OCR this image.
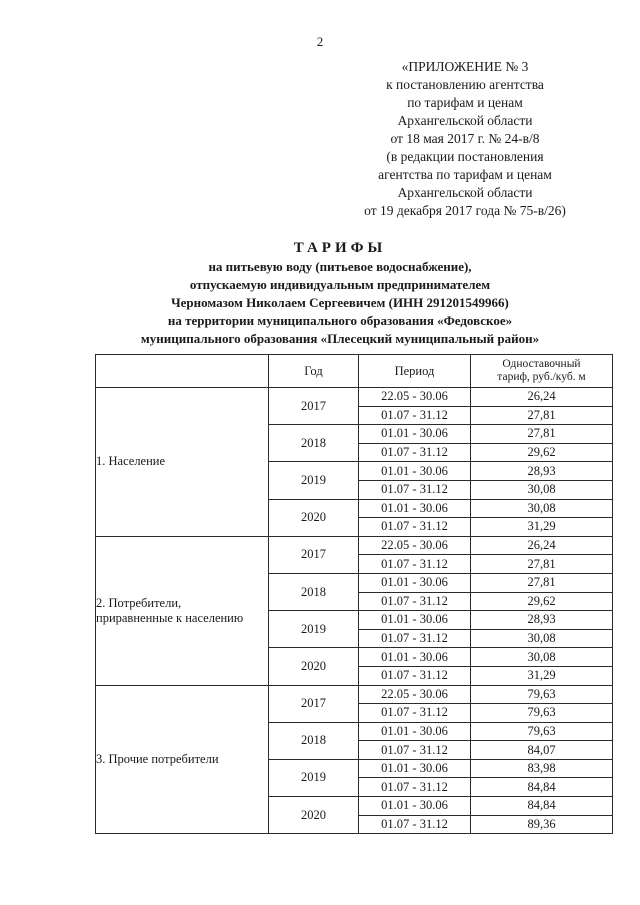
2
«ПРИЛОЖЕНИЕ № 3
к постановлению агентства
по тарифам и ценам
Архангельской области
от 18 мая 2017 г. № 24-в/8
(в редакции постановления
агентства по тарифам и ценам
Архангельской области
от 19 декабря 2017 года № 75-в/26)
ТАРИФЫ
на питьевую воду (питьевое водоснабжение),
отпускаемую индивидуальным предпринимателем
Черномазом Николаем Сергеевичем (ИНН 291201549966)
на территории муниципального образования «Федовское»
муниципального образования «Плесецкий муниципальный район»
	Год	Период	Одноставочный
тариф, руб./куб. м

1. Население	2017	22.05 - 30.06	26,24
		01.07 - 31.12	27,81
	2018	01.01 - 30.06	27,81
		01.07 - 31.12	29,62
	2019	01.01 - 30.06	28,93
		01.07 - 31.12	30,08
	2020	01.01 - 30.06	30,08
		01.07 - 31.12	31,29

2. Потребители,
приравненные к населению	2017	22.05 - 30.06	26,24
		01.07 - 31.12	27,81
	2018	01.01 - 30.06	27,81
		01.07 - 31.12	29,62
	2019	01.01 - 30.06	28,93
		01.07 - 31.12	30,08
	2020	01.01 - 30.06	30,08
		01.07 - 31.12	31,29

3. Прочие потребители	2017	22.05 - 30.06	79,63
		01.07 - 31.12	79,63
	2018	01.01 - 30.06	79,63
		01.07 - 31.12	84,07
	2019	01.01 - 30.06	83,98
		01.07 - 31.12	84,84
	2020	01.01 - 30.06	84,84
		01.07 - 31.12	89,36
